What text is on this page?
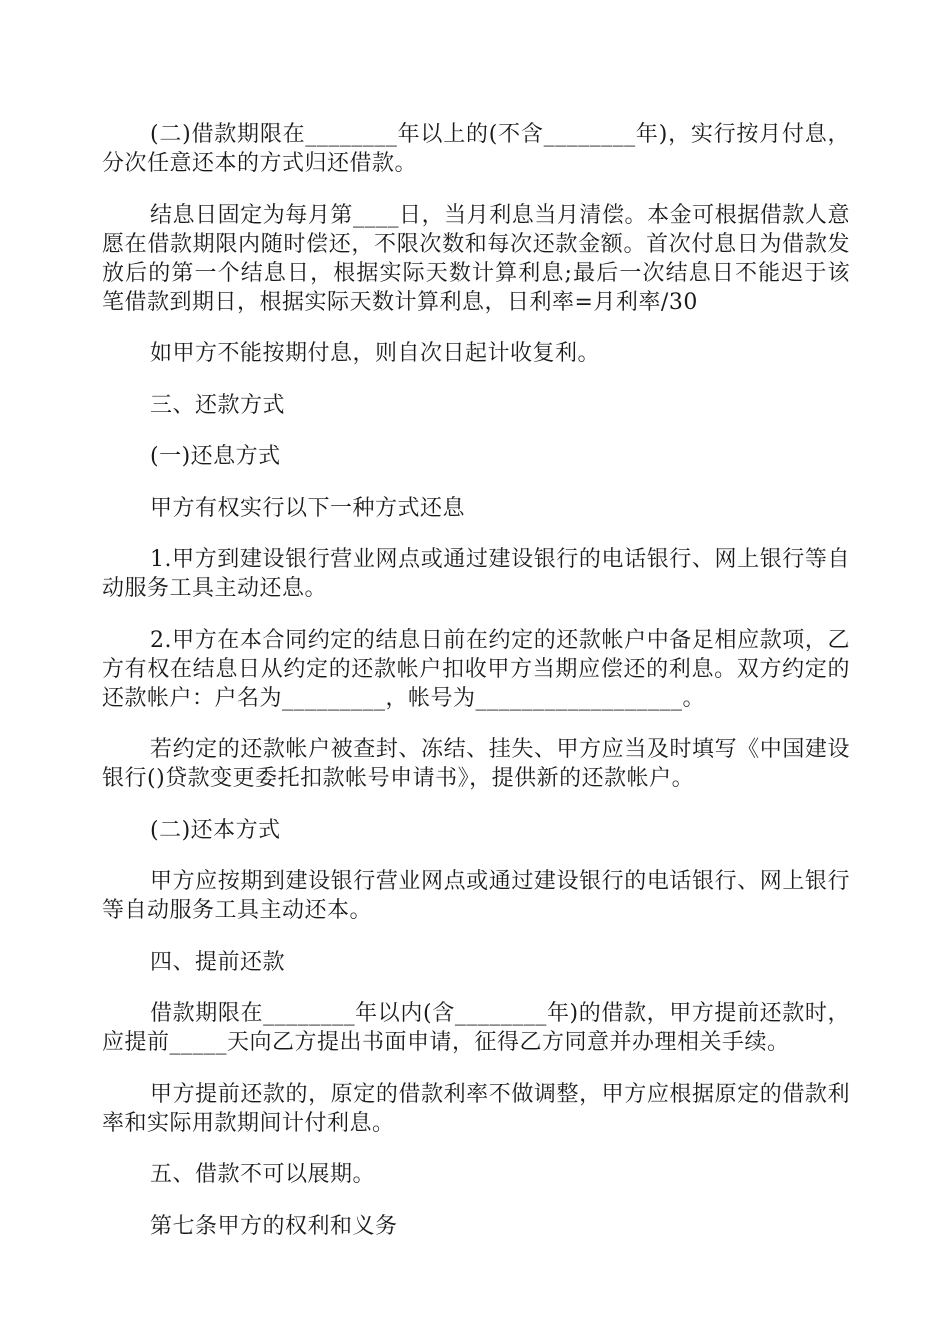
(二)借款期限在________年以上的(不含________年)，实行按月付息，分次任意还本的方式归还借款。

结息日固定为每月第____日，当月利息当月清偿。本金可根据借款人意愿在借款期限内随时偿还，不限次数和每次还款金额。首次付息日为借款发放后的第一个结息日，根据实际天数计算利息;最后一次结息日不能迟于该笔借款到期日，根据实际天数计算利息，日利率=月利率/30

如甲方不能按期付息，则自次日起计收复利。

三、还款方式

(一)还息方式

甲方有权实行以下一种方式还息

1.甲方到建设银行营业网点或通过建设银行的电话银行、网上银行等自动服务工具主动还息。

2.甲方在本合同约定的结息日前在约定的还款帐户中备足相应款项，乙方有权在结息日从约定的还款帐户扣收甲方当期应偿还的利息。双方约定的还款帐户：户名为_________，帐号为__________________。

若约定的还款帐户被查封、冻结、挂失、甲方应当及时填写《中国建设银行()贷款变更委托扣款帐号申请书》，提供新的还款帐户。

(二)还本方式

甲方应按期到建设银行营业网点或通过建设银行的电话银行、网上银行等自动服务工具主动还本。

四、提前还款

借款期限在________年以内(含________年)的借款，甲方提前还款时，应提前_____天向乙方提出书面申请，征得乙方同意并办理相关手续。

甲方提前还款的，原定的借款利率不做调整，甲方应根据原定的借款利率和实际用款期间计付利息。

五、借款不可以展期。

第七条甲方的权利和义务
